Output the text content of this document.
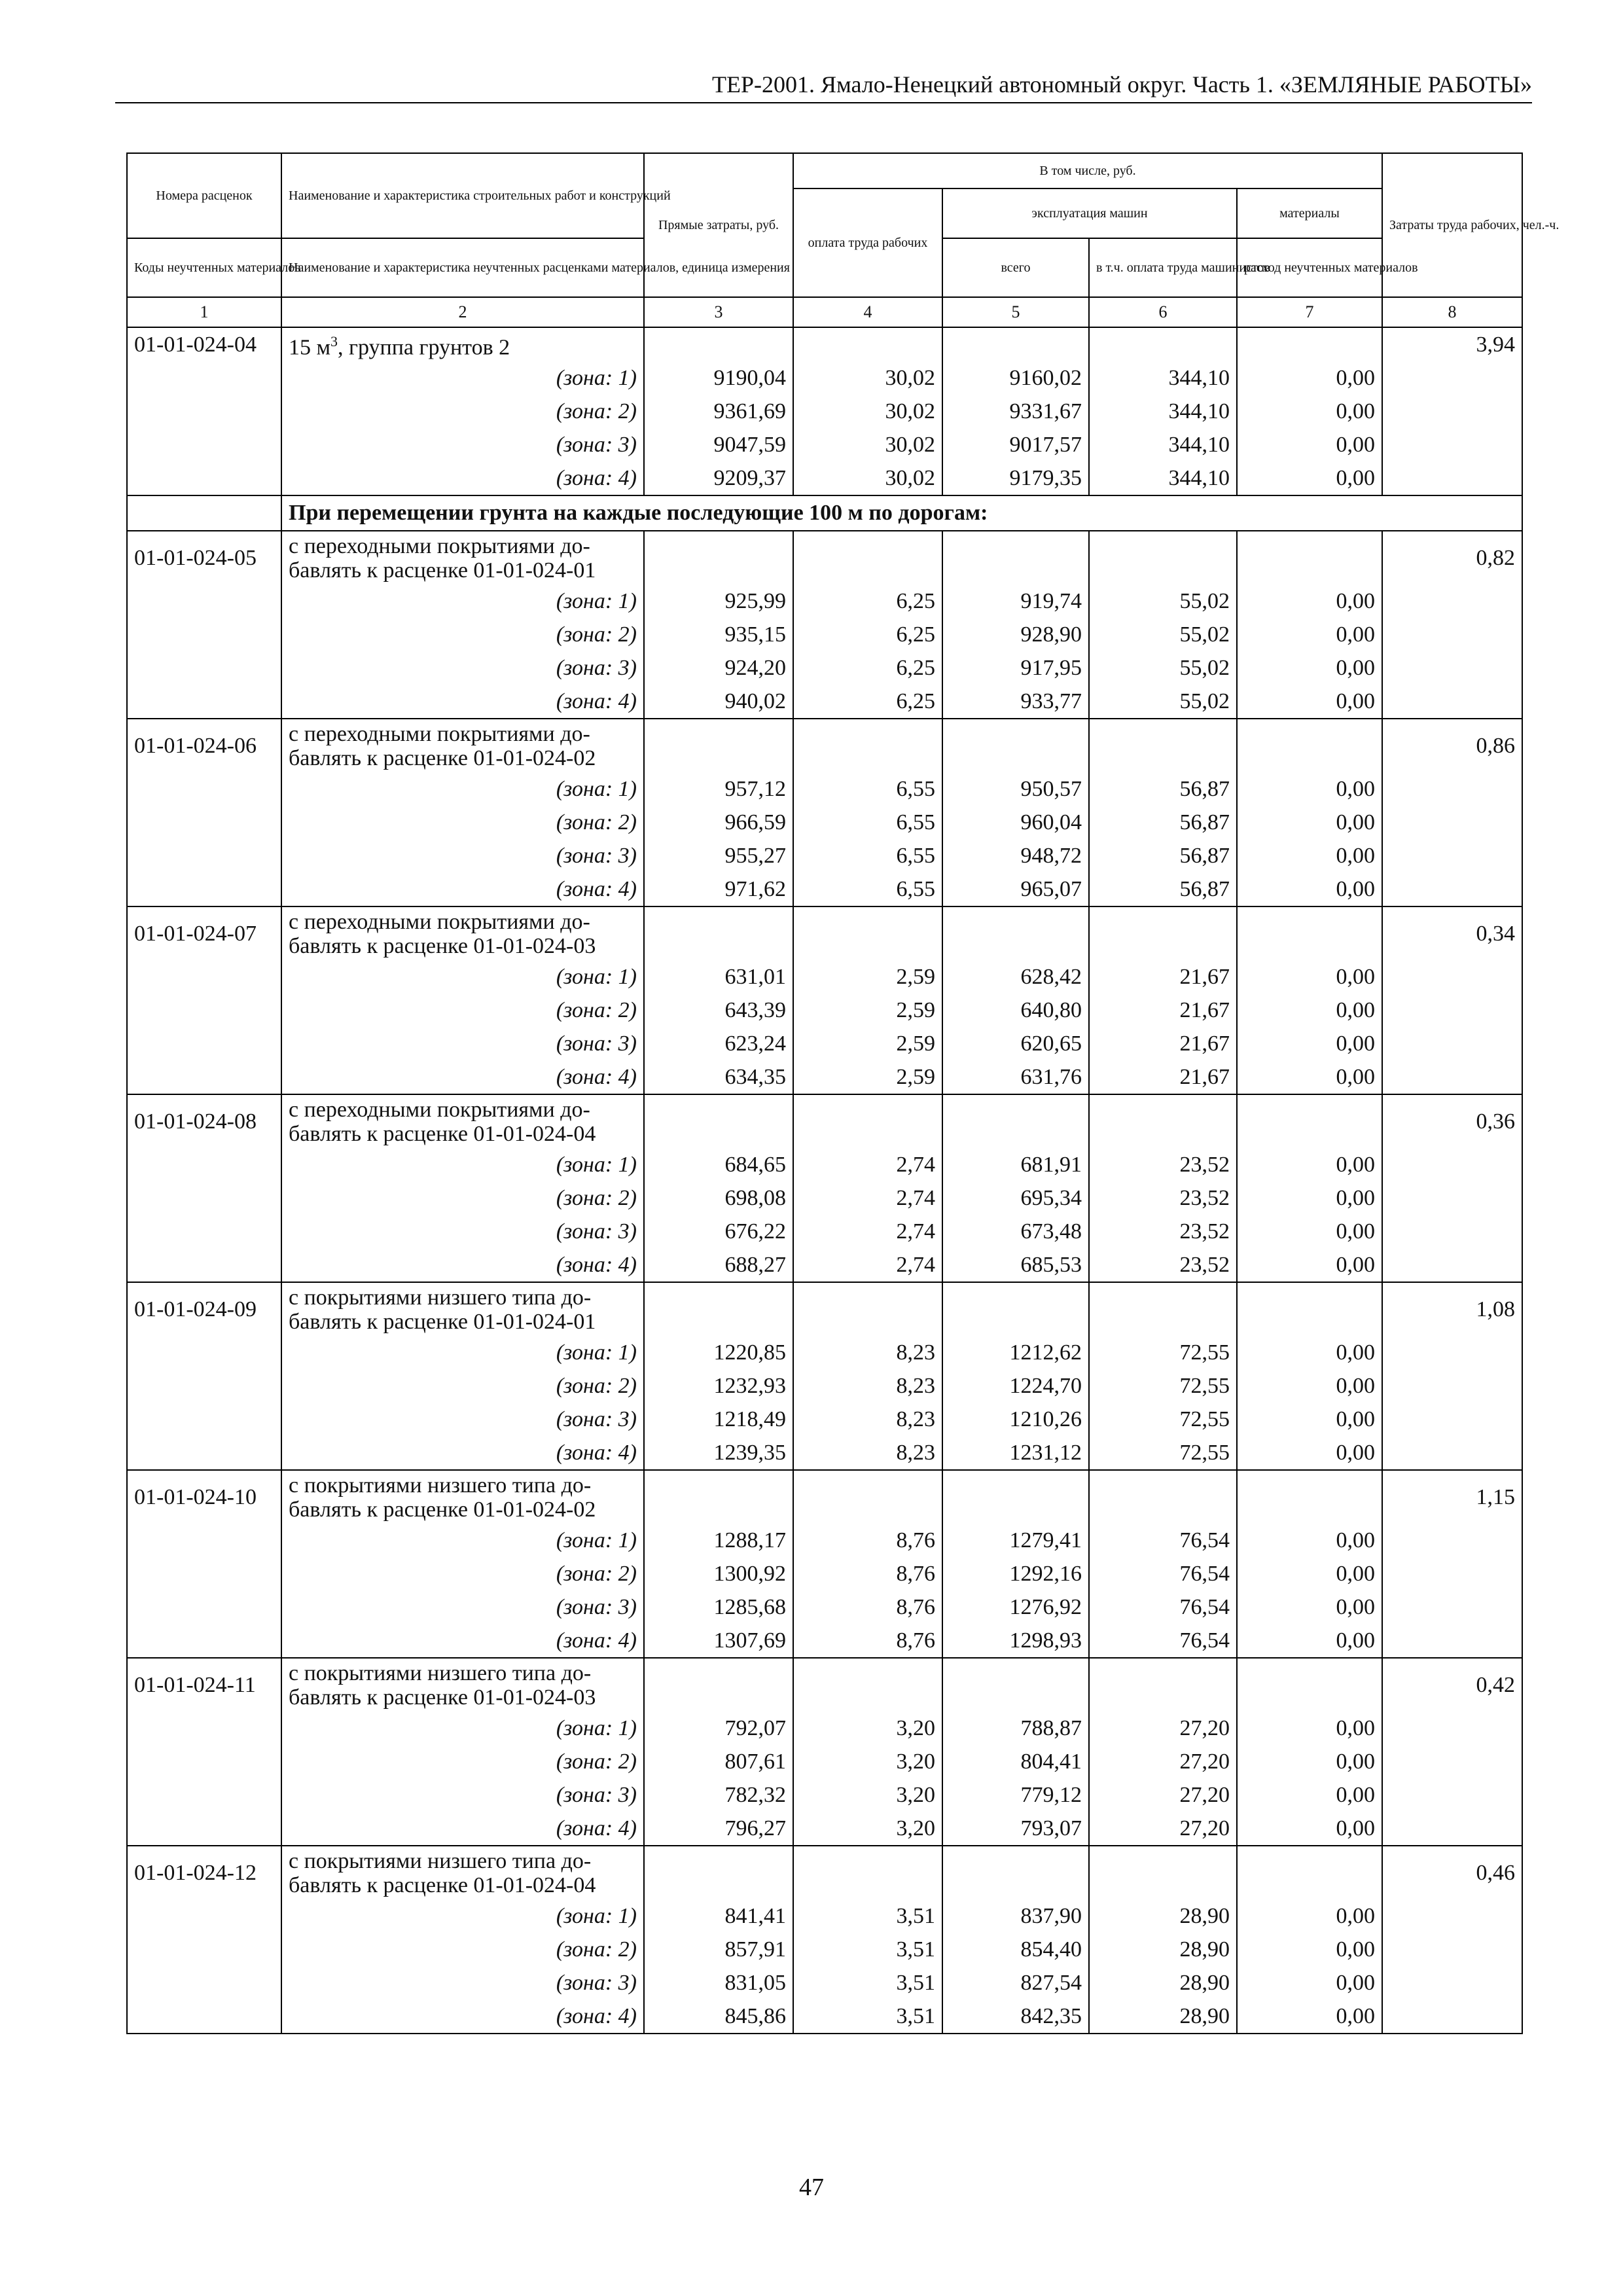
ТЕР-2001. Ямало-Ненецкий автономный округ. Часть 1. «ЗЕМЛЯНЫЕ РАБОТЫ»
Номера расценок	Наименование и характеристика строительных работ и конструкций	Прямые затраты, руб.	В том числе, руб.				Затраты труда рабочих, чел.-ч.
			оплата труда рабочих	эксплуатация машин		материалы	
Коды неучтенных материалов	Наименование и характеристика неучтенных расценками материалов, единица измерения			всего	в т.ч. оплата труда машинистов	расход неучтенных материалов	
1	2	3	4	5	6	7	8
01-01-024-04	15 $м^3$, группа грунтов 2						3,94
	(зона: 1)	9190,04	30,02	9160,02	344,10	0,00	
	(зона: 2)	9361,69	30,02	9331,67	344,10	0,00	
	(зона: 3)	9047,59	30,02	9017,57	344,10	0,00	
	(зона: 4)	9209,37	30,02	9179,35	344,10	0,00	
	При перемещении грунта на каждые последующие 100 м по дорогам:						
01-01-024-05	с переходными покрытиями до-
бавлять к расценке 01-01-024-01						0,82
	(зона: 1)	925,99	6,25	919,74	55,02	0,00	
	(зона: 2)	935,15	6,25	928,90	55,02	0,00	
	(зона: 3)	924,20	6,25	917,95	55,02	0,00	
	(зона: 4)	940,02	6,25	933,77	55,02	0,00	
01-01-024-06	с переходными покрытиями до-
бавлять к расценке 01-01-024-02						0,86
	(зона: 1)	957,12	6,55	950,57	56,87	0,00	
	(зона: 2)	966,59	6,55	960,04	56,87	0,00	
	(зона: 3)	955,27	6,55	948,72	56,87	0,00	
	(зона: 4)	971,62	6,55	965,07	56,87	0,00	
01-01-024-07	с переходными покрытиями до-
бавлять к расценке 01-01-024-03						0,34
	(зона: 1)	631,01	2,59	628,42	21,67	0,00	
	(зона: 2)	643,39	2,59	640,80	21,67	0,00	
	(зона: 3)	623,24	2,59	620,65	21,67	0,00	
	(зона: 4)	634,35	2,59	631,76	21,67	0,00	
01-01-024-08	с переходными покрытиями до-
бавлять к расценке 01-01-024-04						0,36
	(зона: 1)	684,65	2,74	681,91	23,52	0,00	
	(зона: 2)	698,08	2,74	695,34	23,52	0,00	
	(зона: 3)	676,22	2,74	673,48	23,52	0,00	
	(зона: 4)	688,27	2,74	685,53	23,52	0,00	
01-01-024-09	с покрытиями низшего типа до-
бавлять к расценке 01-01-024-01						1,08
	(зона: 1)	1220,85	8,23	1212,62	72,55	0,00	
	(зона: 2)	1232,93	8,23	1224,70	72,55	0,00	
	(зона: 3)	1218,49	8,23	1210,26	72,55	0,00	
	(зона: 4)	1239,35	8,23	1231,12	72,55	0,00	
01-01-024-10	с покрытиями низшего типа до-
бавлять к расценке 01-01-024-02						1,15
	(зона: 1)	1288,17	8,76	1279,41	76,54	0,00	
	(зона: 2)	1300,92	8,76	1292,16	76,54	0,00	
	(зона: 3)	1285,68	8,76	1276,92	76,54	0,00	
	(зона: 4)	1307,69	8,76	1298,93	76,54	0,00	
01-01-024-11	с покрытиями низшего типа до-
бавлять к расценке 01-01-024-03						0,42
	(зона: 1)	792,07	3,20	788,87	27,20	0,00	
	(зона: 2)	807,61	3,20	804,41	27,20	0,00	
	(зона: 3)	782,32	3,20	779,12	27,20	0,00	
	(зона: 4)	796,27	3,20	793,07	27,20	0,00	
01-01-024-12	с покрытиями низшего типа до-
бавлять к расценке 01-01-024-04						0,46
	(зона: 1)	841,41	3,51	837,90	28,90	0,00	
	(зона: 2)	857,91	3,51	854,40	28,90	0,00	
	(зона: 3)	831,05	3,51	827,54	28,90	0,00	
	(зона: 4)	845,86	3,51	842,35	28,90	0,00	
47
